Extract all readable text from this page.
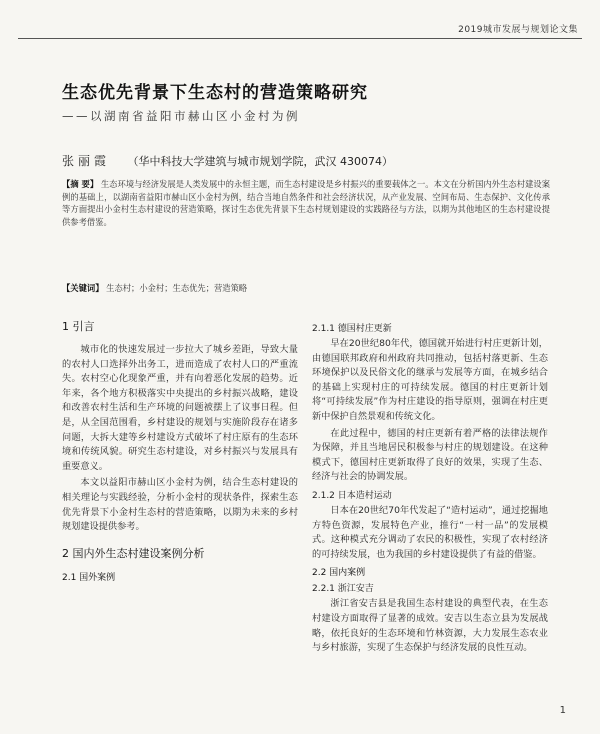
2019城市发展与规划论文集
生态优先背景下生态村的营造策略研究
——以湖南省益阳市赫山区小金村为例
张丽霞 （华中科技大学建筑与城市规划学院，武汉 430074）
【摘 要】 生态环境与经济发展是人类发展中的永恒主题，而生态村建设是乡村振兴的重要载体之一。本文在分析国内外生态村建设案例的基础上，以湖南省益阳市赫山区小金村为例，结合当地自然条件和社会经济状况，从产业发展、空间布局、生态保护、文化传承等方面提出小金村生态村建设的营造策略，探讨生态优先背景下生态村规划建设的实践路径与方法，以期为其他地区的生态村建设提供参考借鉴。
【关键词】 生态村；小金村；生态优先；营造策略
1 引言

城市化的快速发展过一步拉大了城乡差距，导致大量的农村人口选择外出务工，进而造成了农村人口的严重流失。农村空心化现象严重，并有向着恶化发展的趋势。近年来，各个地方积极落实中央提出的乡村振兴战略，建设和改善农村生活和生产环境的问题被摆上了议事日程。但是，从全国范围看，乡村建设的规划与实施阶段存在诸多问题，大拆大建等乡村建设方式破坏了村庄原有的生态环境和传统风貌。研究生态村建设，对乡村振兴与发展具有重要意义。

本文以益阳市赫山区小金村为例，结合生态村建设的相关理论与实践经验，分析小金村的现状条件，探索生态优先背景下小金村生态村的营造策略，以期为未来的乡村规划建设提供参考。

2 国内外生态村建设案例分析
2.1 国外案例
2.1.1 德国村庄更新

早在20世纪80年代，德国就开始进行村庄更新计划，由德国联邦政府和州政府共同推动，包括村落更新、生态环境保护以及民俗文化的继承与发展等方面，在城乡结合的基础上实现村庄的可持续发展。德国的村庄更新计划将“可持续发展”作为村庄建设的指导原则，强调在村庄更新中保护自然景观和传统文化。

在此过程中，德国的村庄更新有着严格的法律法规作为保障，并且当地居民积极参与村庄的规划建设。在这种模式下，德国村庄更新取得了良好的效果，实现了生态、经济与社会的协调发展。

2.1.2 日本造村运动

日本在20世纪70年代发起了“造村运动”，通过挖掘地方特色资源，发展特色产业，推行“一村一品”的发展模式。这种模式充分调动了农民的积极性，实现了农村经济的可持续发展，也为我国的乡村建设提供了有益的借鉴。

2.2 国内案例
2.2.1 浙江安吉

浙江省安吉县是我国生态村建设的典型代表，在生态村建设方面取得了显著的成效。安吉以生态立县为发展战略，依托良好的生态环境和竹林资源，大力发展生态农业与乡村旅游，实现了生态保护与经济发展的良性互动。

1
